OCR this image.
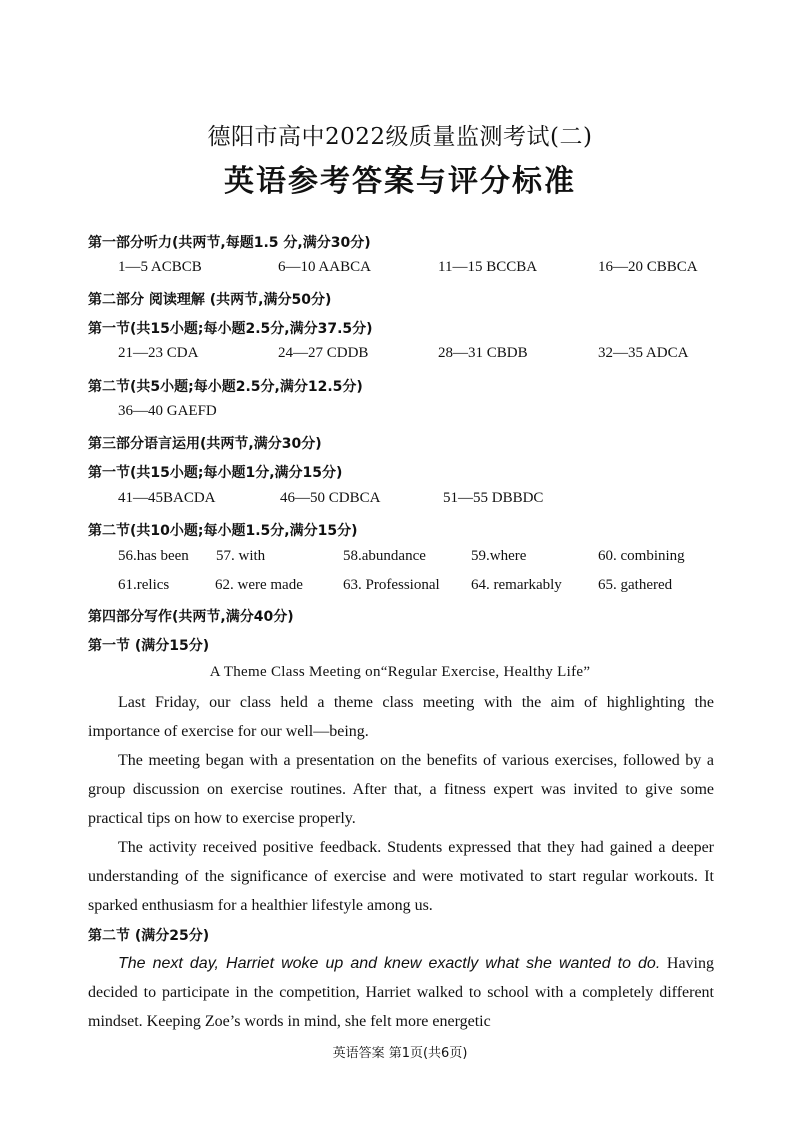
德阳市高中2022级质量监测考试(二)
英语参考答案与评分标准
第一部分听力(共两节,每题1.5 分,满分30分)
1—5 ACBCB	6—10 AABCA	11—15 BCCBA	16—20 CBBCA
第二部分 阅读理解 (共两节,满分50分)
第一节(共15小题;每小题2.5分,满分37.5分)
21—23 CDA	24—27 CDDB	28—31 CBDB	32—35 ADCA
第二节(共5小题;每小题2.5分,满分12.5分)
36—40 GAEFD
第三部分语言运用(共两节,满分30分)
第一节(共15小题;每小题1分,满分15分)
41—45BACDA	46—50 CDBCA	51—55 DBBDC
第二节(共10小题;每小题1.5分,满分15分)
56.has been 57. with	58.abundance	59.where	60. combining
61.relics	62. were made	63. Professional 64. remarkably 65. gathered
第四部分写作(共两节,满分40分)
第一节 (满分15分)
A Theme Class Meeting on“Regular Exercise, Healthy Life”

Last Friday, our class held a theme class meeting with the aim of highlighting the importance of exercise for our well—being.

The meeting began with a presentation on the benefits of various exercises, followed by a group discussion on exercise routines. After that, a fitness expert was invited to give some practical tips on how to exercise properly.

The activity received positive feedback. Students expressed that they had gained a deeper understanding of the significance of exercise and were motivated to start regular workouts. It sparked enthusiasm for a healthier lifestyle among us.

第二节 (满分25分)

The next day, Harriet woke up and knew exactly what she wanted to do. Having decided to participate in the competition, Harriet walked to school with a completely different mindset. Keeping Zoe’s words in mind, she felt more energetic

英语答案 第1页(共6页)
